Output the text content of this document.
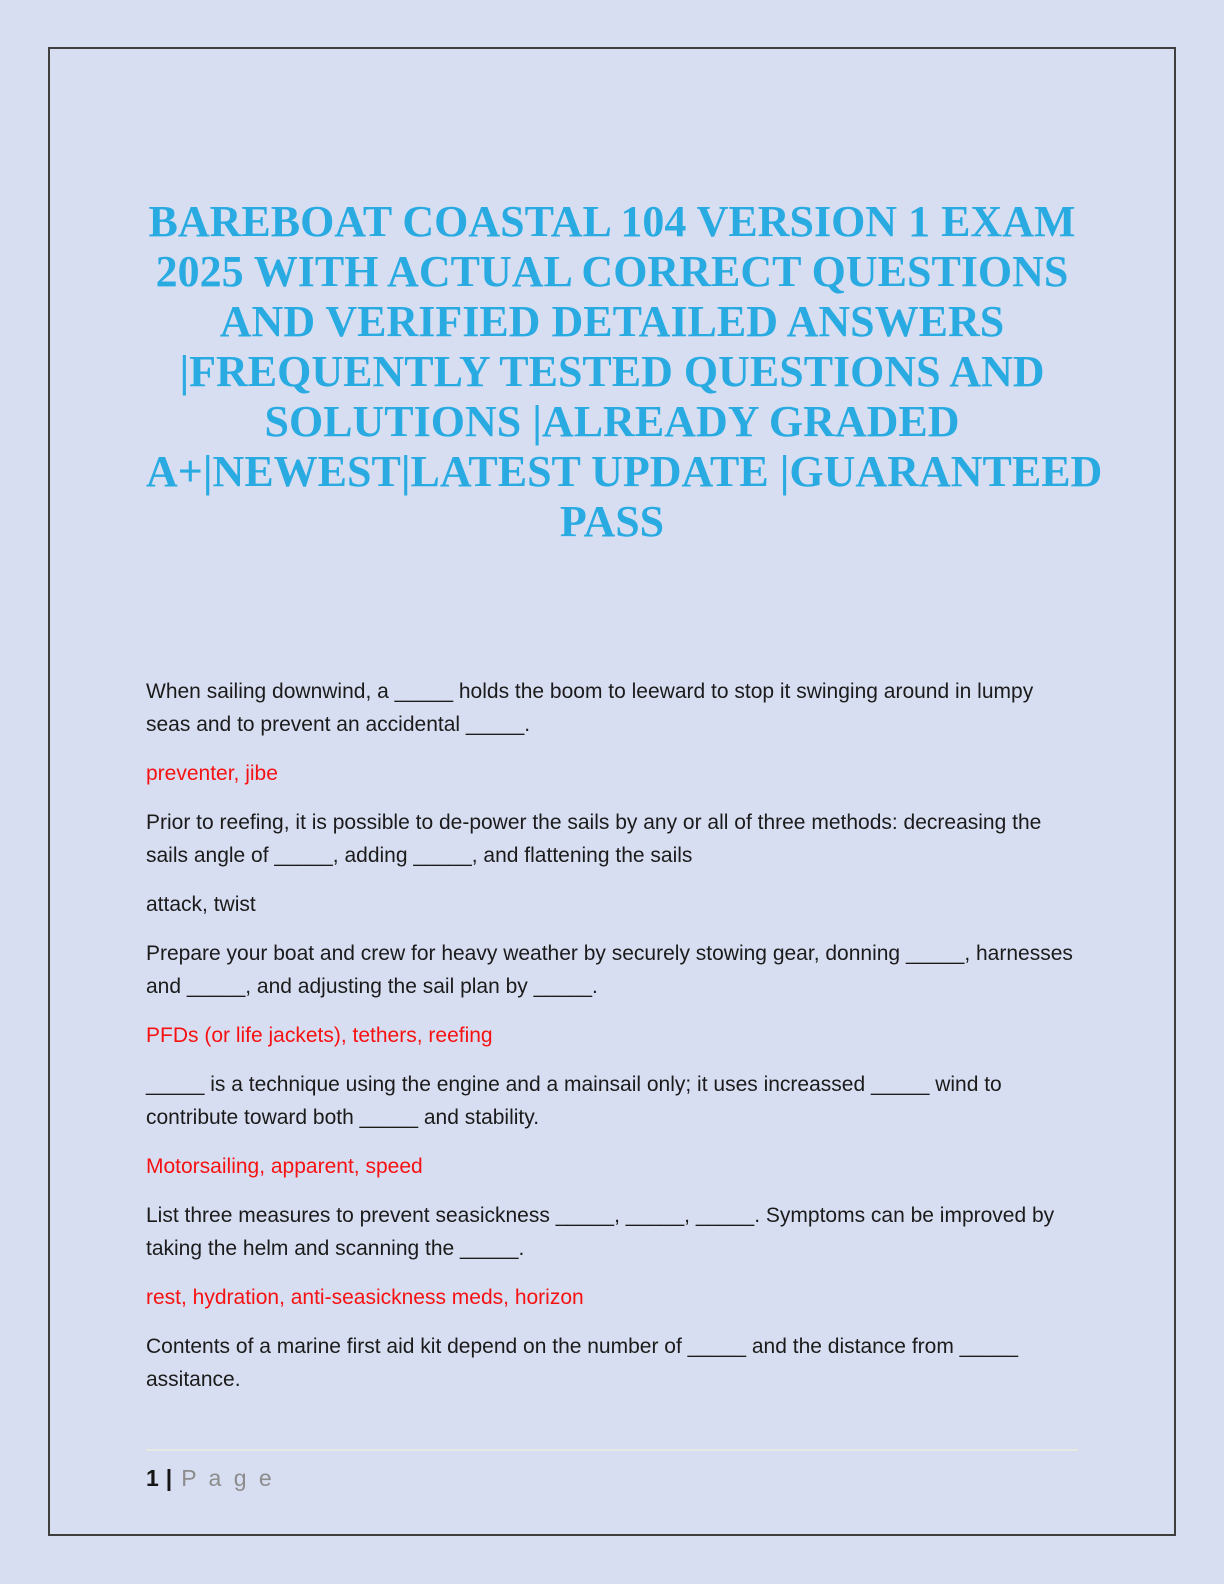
BAREBOAT COASTAL 104 VERSION 1 EXAM
2025 WITH ACTUAL CORRECT QUESTIONS
AND VERIFIED DETAILED ANSWERS
|FREQUENTLY TESTED QUESTIONS AND
SOLUTIONS |ALREADY GRADED
A+|NEWEST|LATEST UPDATE |GUARANTEED
PASS

When sailing downwind, a _____ holds the boom to leeward to stop it swinging around in lumpy seas and to prevent an accidental _____.

preventer, jibe

Prior to reefing, it is possible to de-power the sails by any or all of three methods: decreasing the sails angle of _____, adding _____, and flattening the sails

attack, twist

Prepare your boat and crew for heavy weather by securely stowing gear, donning _____, harnesses and _____, and adjusting the sail plan by _____.

PFDs (or life jackets), tethers, reefing

_____ is a technique using the engine and a mainsail only; it uses increassed _____ wind to contribute toward both _____ and stability.

Motorsailing, apparent, speed

List three measures to prevent seasickness _____, _____, _____. Symptoms can be improved by taking the helm and scanning the _____.

rest, hydration, anti-seasickness meds, horizon

Contents of a marine first aid kit depend on the number of _____ and the distance from _____ assitance.

1 | P a g e
